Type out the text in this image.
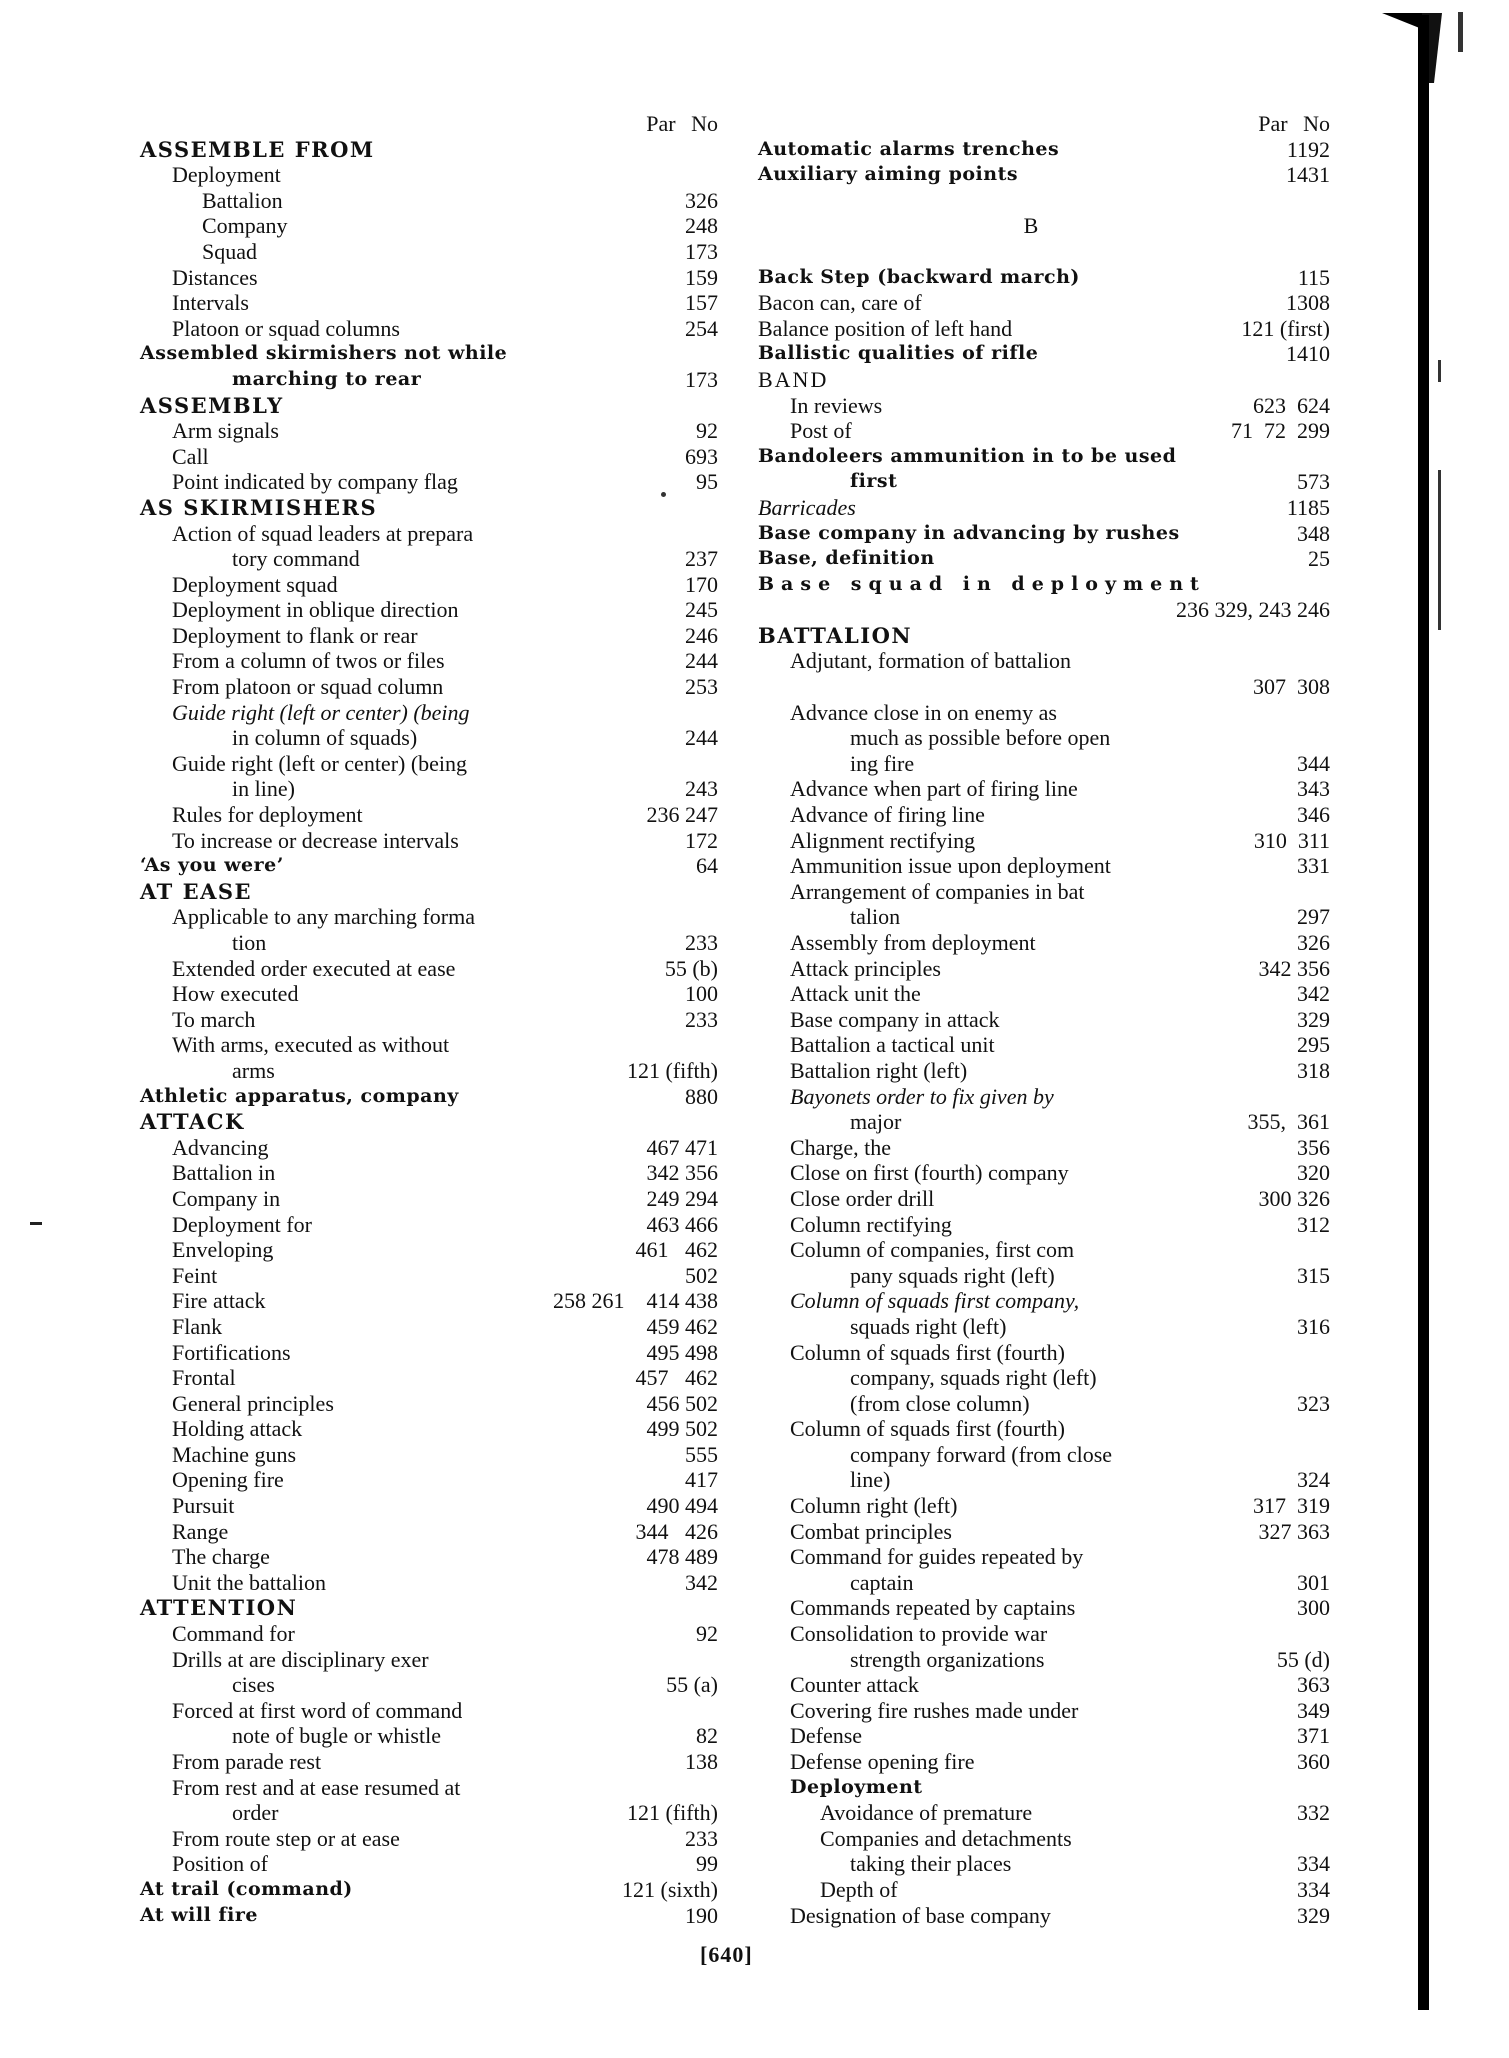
Par No
ASSEMBLE FROM
Deployment
Battalion	326
Company	248
Squad	173
Distances	159
Intervals	157
Platoon or squad columns	254
Assembled skirmishers not while
marching to rear	173
ASSEMBLY
Arm signals	92
Call	693
Point indicated by company flag	95
AS SKIRMISHERS
Action of squad leaders at prepara
tory command	237
Deployment squad	170
Deployment in oblique direction	245
Deployment to flank or rear	246
From a column of twos or files	244
From platoon or squad column	253
Guide right (left or center) (being
in column of squads)	244
Guide right (left or center) (being
in line)	243
Rules for deployment	236 247
To increase or decrease intervals	172
‘As you were’	64
AT EASE
Applicable to any marching forma
tion	233
Extended order executed at ease	55 (b)
How executed	100
To march	233
With arms, executed as without
arms	121 (fifth)
Athletic apparatus, company	880
ATTACK
Advancing	467 471
Battalion in	342 356
Company in	249 294
Deployment for	463 466
Enveloping	461   462
Feint	502
Fire attack	258 261    414 438
Flank	459 462
Fortifications	495 498
Frontal	457   462
General principles	456 502
Holding attack	499 502
Machine guns	555
Opening fire	417
Pursuit	490 494
Range	344   426
The charge	478 489
Unit the battalion	342
ATTENTION
Command for	92
Drills at are disciplinary exer
cises	55 (a)
Forced at first word of command
note of bugle or whistle	82
From parade rest	138
From rest and at ease resumed at
order	121 (fifth)
From route step or at ease	233
Position of	99
At trail (command)	121 (sixth)
At will fire	190
Par No
Automatic alarms trenches	1192
Auxiliary aiming points	1431
B
Back Step (backward march)	115
Bacon can, care of	1308
Balance position of left hand	121 (first)
Ballistic qualities of rifle	1410
BAND
In reviews	623  624
Post of	71  72  299
Bandoleers ammunition in to be used
first	573
Barricades	1185
Base company in advancing by rushes	348
Base, definition	25
Base squad in deployment
236 329, 243 246
BATTALION
Adjutant, formation of battalion
307  308
Advance close in on enemy as
much as possible before open
ing fire	344
Advance when part of firing line	343
Advance of firing line	346
Alignment rectifying	310  311
Ammunition issue upon deployment	331
Arrangement of companies in bat
talion	297
Assembly from deployment	326
Attack principles	342 356
Attack unit the	342
Base company in attack	329
Battalion a tactical unit	295
Battalion right (left)	318
Bayonets order to fix given by
major	355,  361
Charge, the	356
Close on first (fourth) company	320
Close order drill	300 326
Column rectifying	312
Column of companies, first com
pany squads right (left)	315
Column of squads first company,
squads right (left)	316
Column of squads first (fourth)
company, squads right (left)
(from close column)	323
Column of squads first (fourth)
company forward (from close
line)	324
Column right (left)	317  319
Combat principles	327 363
Command for guides repeated by
captain	301
Commands repeated by captains	300
Consolidation to provide war
strength organizations	55 (d)
Counter attack	363
Covering fire rushes made under	349
Defense	371
Defense opening fire	360
Deployment
Avoidance of premature	332
Companies and detachments
taking their places	334
Depth of	334
Designation of base company	329
[640]
